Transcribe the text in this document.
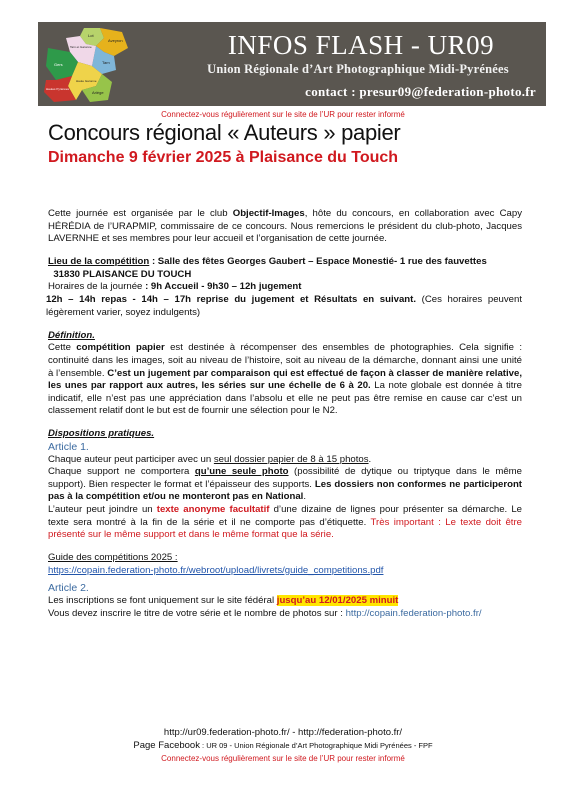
Lot
Aveyron
Tarn
Gers
Tarn et Garonne
Haute Garonne
Ariège
Hautes Pyrénées
INFOS FLASH - UR09
Union Régionale d’Art Photographique Midi-Pyrénées
contact : presur09@federation-photo.fr
Connectez-vous régulièrement sur le site de l’UR pour rester informé
Concours régional « Auteurs » papier
Dimanche 9 février 2025 à Plaisance du Touch

Cette journée est organisée par le club Objectif-Images, hôte du concours, en collaboration avec Capy HÉRÉDIA de l’URAPMIP, commissaire de ce concours. Nous remercions le président du club-photo, Jacques LAVERNHE et ses membres pour leur accueil et l’organisation de cette journée.

Lieu de la compétition : Salle des fêtes Georges Gaubert – Espace Monestié- 1 rue des fauvettes

31830 PLAISANCE DU TOUCH

Horaires de la journée : 9h Accueil - 9h30 – 12h jugement

12h – 14h repas - 14h – 17h reprise du jugement et Résultats en suivant. (Ces horaires peuvent légèrement varier, soyez indulgents)

Définition.

Cette compétition papier est destinée à récompenser des ensembles de photographies. Cela signifie : continuité dans les images, soit au niveau de l’histoire, soit au niveau de la démarche, donnant ainsi une unité à l’ensemble. C’est un jugement par comparaison qui est effectué de façon à classer de manière relative, les unes par rapport aux autres, les séries sur une échelle de 6 à 20. La note globale est donnée à titre indicatif, elle n’est pas une appréciation dans l’absolu et elle ne peut pas être remise en cause car c’est un classement relatif dont le but est de fournir une sélection pour le N2.

Dispositions pratiques.

Article 1.

Chaque auteur peut participer avec un seul dossier papier de 8 à 15 photos.

Chaque support ne comportera qu’une seule photo (possibilité de dytique ou triptyque dans le même support). Bien respecter le format et l’épaisseur des supports. Les dossiers non conformes ne participeront pas à la compétition et/ou ne monteront pas en National.

L’auteur peut joindre un texte anonyme facultatif d’une dizaine de lignes pour présenter sa démarche. Le texte sera montré à la fin de la série et il ne comporte pas d’étiquette. Très important : Le texte doit être présenté sur le même support et dans le même format que la série.

Guide des compétitions 2025 :

https://copain.federation-photo.fr/webroot/upload/livrets/guide_competitions.pdf

Article 2.

Les inscriptions se font uniquement sur le site fédéral jusqu’au 12/01/2025 minuit

Vous devez inscrire le titre de votre série et le nombre de photos sur : http://copain.federation-photo.fr/

http://ur09.federation-photo.fr/ - http://federation-photo.fr/
Page Facebook : UR 09 - Union Régionale d’Art Photographique Midi Pyrénées - FPF
Connectez-vous régulièrement sur le site de l’UR pour rester informé
